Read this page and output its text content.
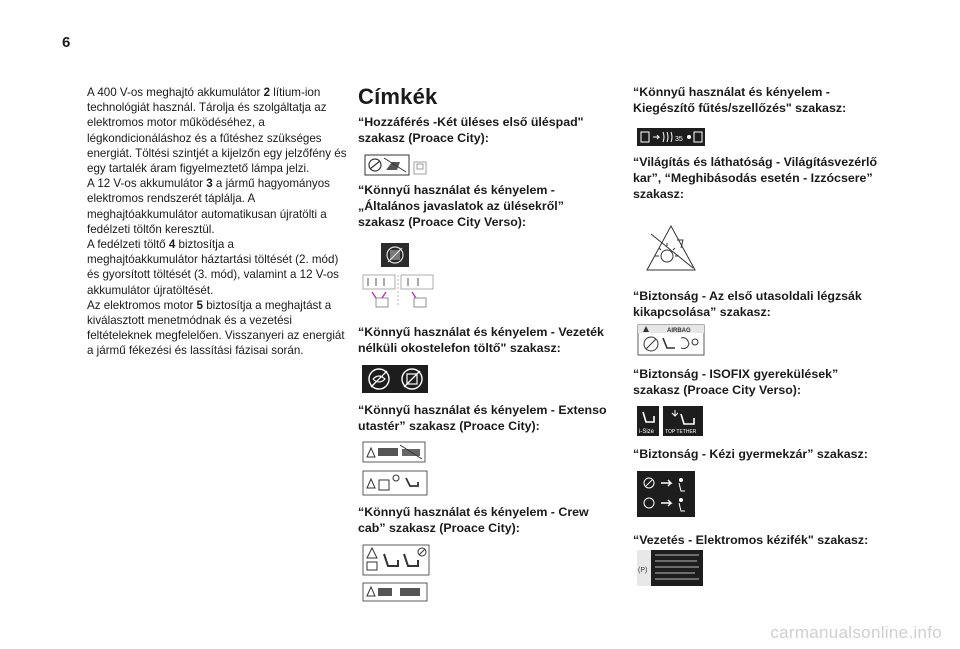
6

A 400 V-os meghajtó akkumulátor 2 lítium-ion technológiát használ. Tárolja és szolgáltatja az elektromos motor működéséhez, a légkondicionáláshoz és a fűtéshez szükséges energiát. Töltési szintjét a kijelzőn egy jelzőfény és egy tartalék áram figyelmeztető lámpa jelzi.

A 12 V-os akkumulátor 3 a jármű hagyományos elektromos rendszerét táplálja. A meghajtóakkumulátor automatikusan újratölti a fedélzeti töltőn keresztül.

A fedélzeti töltő 4 biztosítja a meghajtóakkumulátor háztartási töltését (2. mód) és gyorsított töltését (3. mód), valamint a 12 V-os akkumulátor újratöltését.

Az elektromos motor 5 biztosítja a meghajtást a kiválasztott menetmódnak és a vezetési feltételeknek megfelelően. Visszanyeri az energiát a jármű fékezési és lassítási fázisai során.

Címkék
“Hozzáférés -Két üléses első üléspad" szakasz (Proace City):
“Könnyű használat és kényelem - „Általános javaslatok az ülésekről” szakasz (Proace City Verso):
“Könnyű használat és kényelem - Vezeték nélküli okostelefon töltő" szakasz:
“Könnyű használat és kényelem - Extenso utastér” szakasz (Proace City):
“Könnyű használat és kényelem - Crew cab” szakasz (Proace City):
“Könnyű használat és kényelem - Kiegészítő fűtés/szellőzés" szakasz:
35
“Világítás és láthatóság - Világításvezérlő kar”, “Meghibásodás esetén - Izzócsere” szakasz:
“Biztonság - Az első utasoldali légzsák kikapcsolása” szakasz:
AIRBAG
“Biztonság - ISOFIX gyerekülések” szakasz (Proace City Verso):
i-Size TOP TETHER
“Biztonság - Kézi gyermekzár” szakasz:
“Vezetés - Elektromos kézifék" szakasz:
(P)
carmanualsonline.info
